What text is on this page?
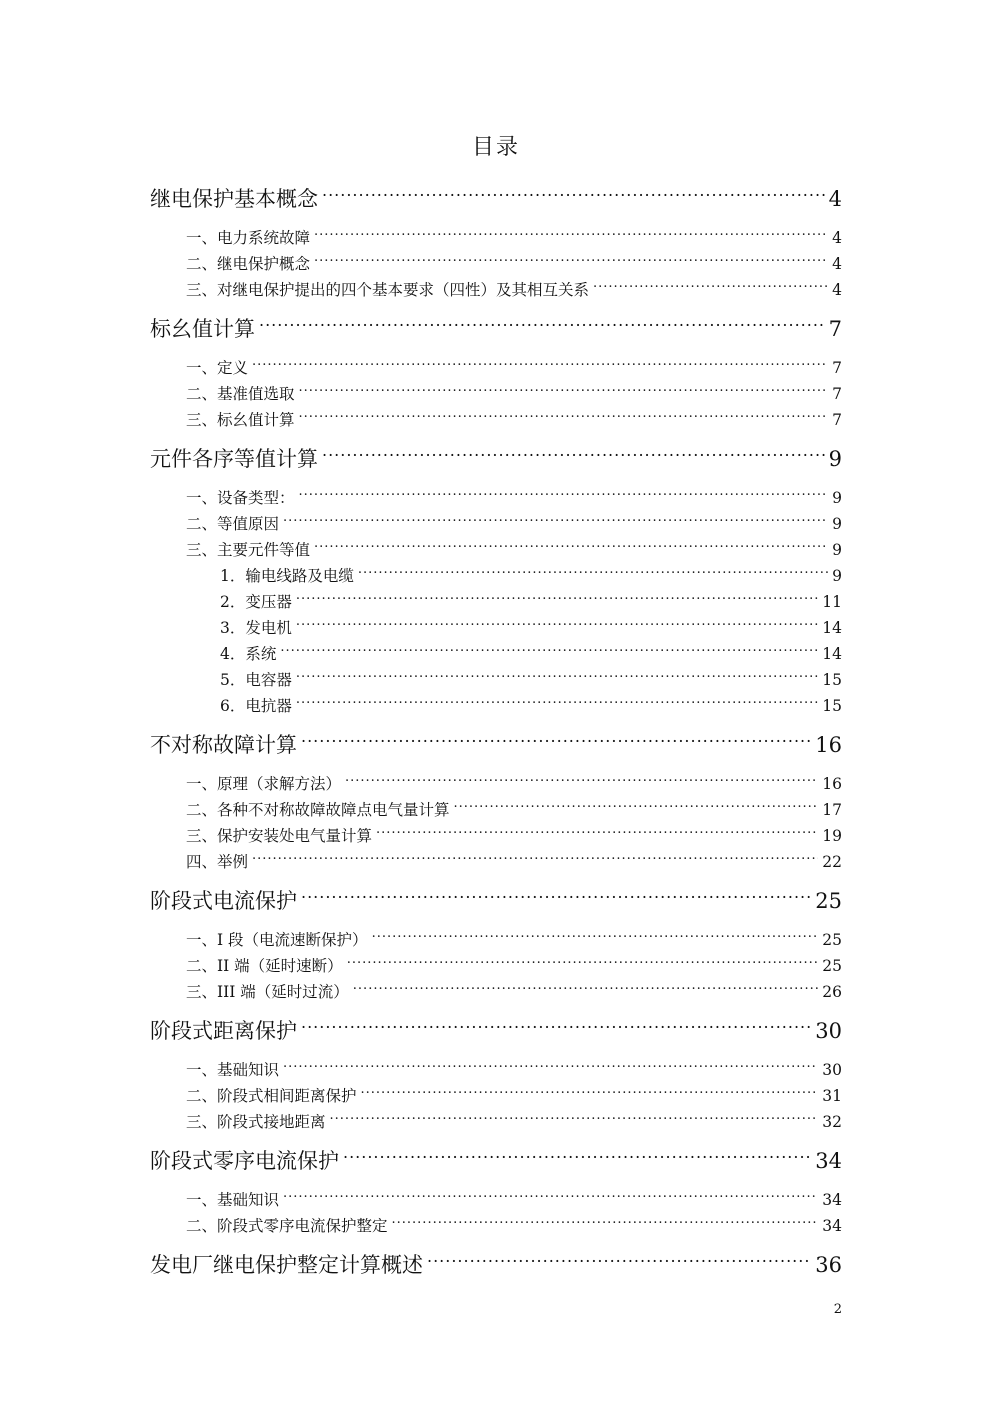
目录
继电保护基本概念 .....	4
一、电力系统故障 .....	4
二、继电保护概念 .....	4
三、对继电保护提出的四个基本要求（四性）及其相互关系 .....	4
标幺值计算 .....	7
一、定义 .....	7
二、基准值选取 .....	7
三、标幺值计算 .....	7
元件各序等值计算 .....	9
一、设备类型： .....	9
二、等值原因 .....	9
三、主要元件等值 .....	9
1．输电线路及电缆 .....	9
2．变压器 .....	11
3．发电机 .....	14
4．系统 .....	14
5．电容器 .....	15
6．电抗器 .....	15
不对称故障计算 .....	16
一、原理（求解方法） .....	16
二、各种不对称故障故障点电气量计算 .....	17
三、保护安装处电气量计算 .....	19
四、举例 .....	22
阶段式电流保护 .....	25
一、I 段（电流速断保护） .....	25
二、II 端（延时速断） .....	25
三、III 端（延时过流） .....	26
阶段式距离保护 .....	30
一、基础知识 .....	30
二、阶段式相间距离保护 .....	31
三、阶段式接地距离 .....	32
阶段式零序电流保护 .....	34
一、基础知识 .....	34
二、阶段式零序电流保护整定 .....	34
发电厂继电保护整定计算概述 .....	36
2
